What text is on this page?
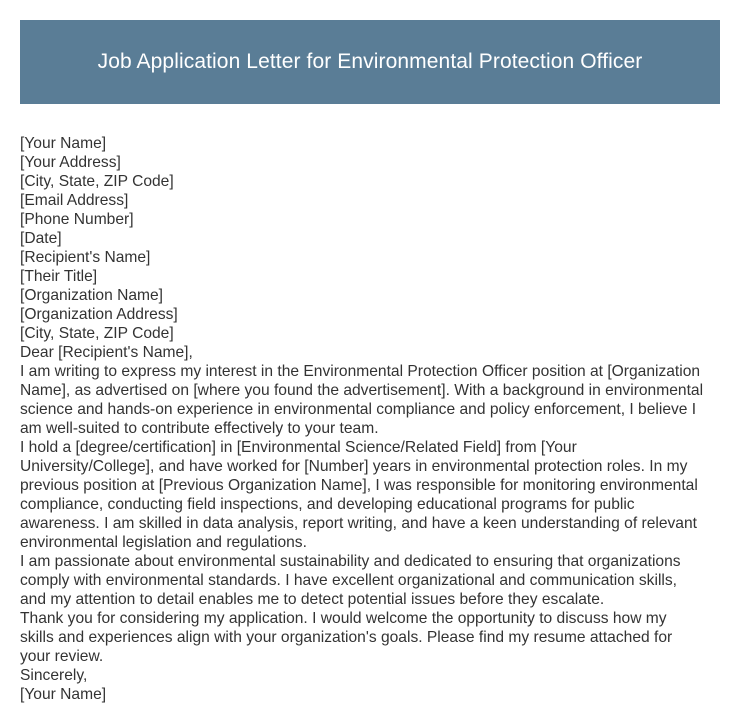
Job Application Letter for Environmental Protection Officer
[Your Name]
[Your Address]
[City, State, ZIP Code]
[Email Address]
[Phone Number]
[Date]
[Recipient's Name]
[Their Title]
[Organization Name]
[Organization Address]
[City, State, ZIP Code]
Dear [Recipient's Name],
I am writing to express my interest in the Environmental Protection Officer position at [Organization
Name], as advertised on [where you found the advertisement]. With a background in environmental
science and hands-on experience in environmental compliance and policy enforcement, I believe I
am well-suited to contribute effectively to your team.
I hold a [degree/certification] in [Environmental Science/Related Field] from [Your
University/College], and have worked for [Number] years in environmental protection roles. In my
previous position at [Previous Organization Name], I was responsible for monitoring environmental
compliance, conducting field inspections, and developing educational programs for public
awareness. I am skilled in data analysis, report writing, and have a keen understanding of relevant
environmental legislation and regulations.
I am passionate about environmental sustainability and dedicated to ensuring that organizations
comply with environmental standards. I have excellent organizational and communication skills,
and my attention to detail enables me to detect potential issues before they escalate.
Thank you for considering my application. I would welcome the opportunity to discuss how my
skills and experiences align with your organization's goals. Please find my resume attached for
your review.
Sincerely,
[Your Name]
